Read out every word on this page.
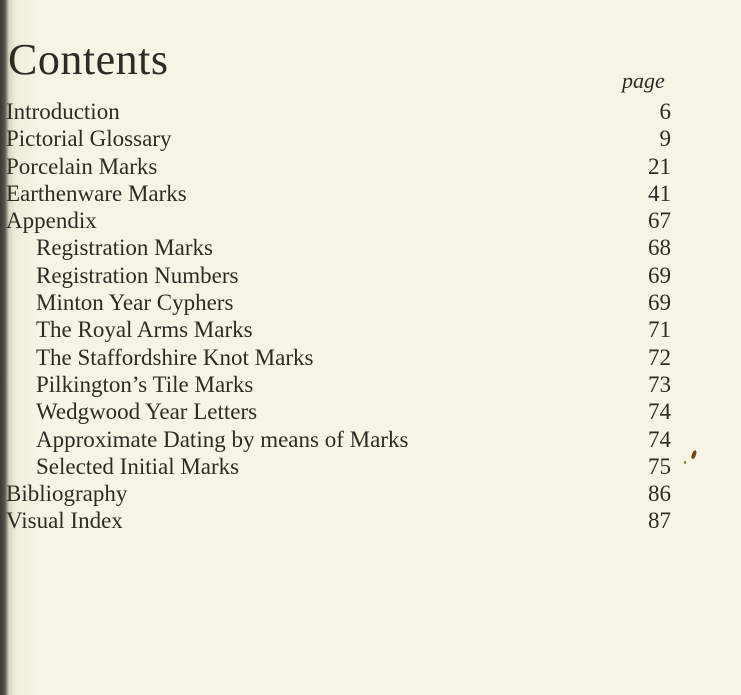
Contents	page
Introduction	6
Pictorial Glossary	9
Porcelain Marks	21
Earthenware Marks	41
Appendix	67
Registration Marks	68
Registration Numbers	69
Minton Year Cyphers	69
The Royal Arms Marks	71
The Staffordshire Knot Marks	72
Pilkington’s Tile Marks	73
Wedgwood Year Letters	74
Approximate Dating by means of Marks	74
Selected Initial Marks	75
Bibliography	86
Visual Index	87
